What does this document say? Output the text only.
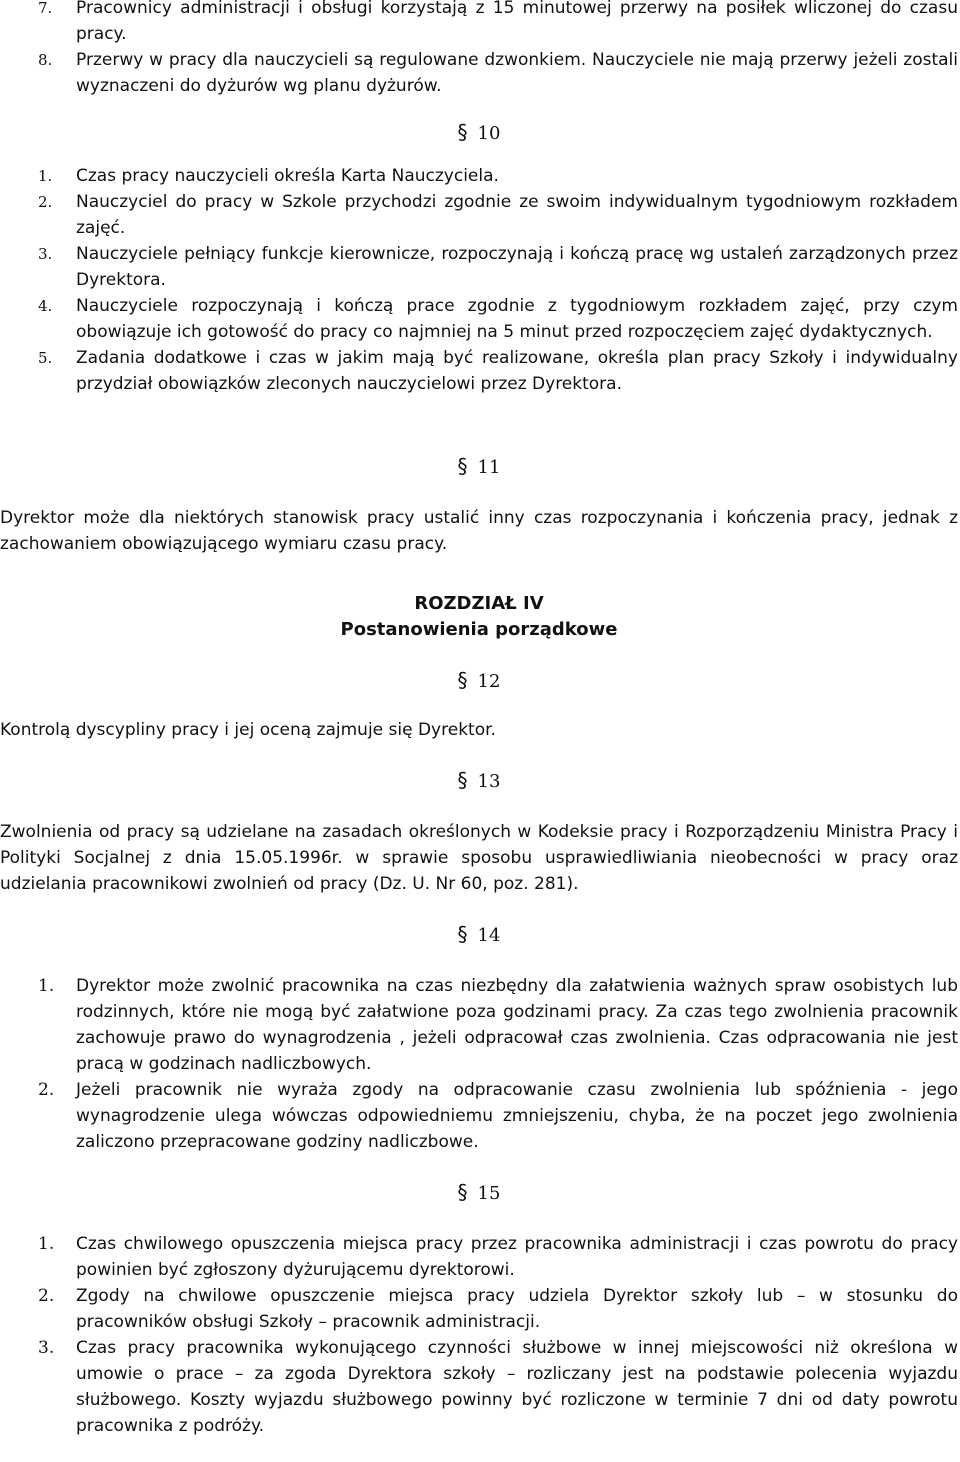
7. Pracownicy administracji i obsługi korzystają z 15 minutowej przerwy na posiłek wliczonej do czasu pracy.
8. Przerwy w pracy dla nauczycieli są regulowane dzwonkiem. Nauczyciele nie mają przerwy jeżeli zostali wyznaczeni do dyżurów wg planu dyżurów.

§ 10

1. Czas pracy nauczycieli określa Karta Nauczyciela.
2. Nauczyciel do pracy w Szkole przychodzi zgodnie ze swoim indywidualnym tygodniowym rozkładem zajęć.
3. Nauczyciele pełniący funkcje kierownicze, rozpoczynają i kończą pracę wg ustaleń zarządzonych przez Dyrektora.
4. Nauczyciele rozpoczynają i kończą prace zgodnie z tygodniowym rozkładem zajęć, przy czym obowiązuje ich gotowość do pracy co najmniej na 5 minut przed rozpoczęciem zajęć dydaktycznych.
5. Zadania dodatkowe i czas w jakim mają być realizowane, określa plan pracy Szkoły i indywidualny przydział obowiązków zleconych nauczycielowi przez Dyrektora.

§ 11

Dyrektor może dla niektórych stanowisk pracy ustalić inny czas rozpoczynania i kończenia pracy, jednak z zachowaniem obowiązującego wymiaru czasu pracy.

ROZDZIAŁ IV

Postanowienia porządkowe

§ 12

Kontrolą dyscypliny pracy i jej oceną zajmuje się Dyrektor.

§ 13

Zwolnienia od pracy są udzielane na zasadach określonych w Kodeksie pracy i Rozporządzeniu Ministra Pracy i Polityki Socjalnej z dnia 15.05.1996r. w sprawie sposobu usprawiedliwiania nieobecności w pracy oraz udzielania pracownikowi zwolnień od pracy (Dz. U. Nr 60, poz. 281).

§ 14

1. Dyrektor może zwolnić pracownika na czas niezbędny dla załatwienia ważnych spraw osobistych lub rodzinnych, które nie mogą być załatwione poza godzinami pracy. Za czas tego zwolnienia pracownik zachowuje prawo do wynagrodzenia , jeżeli odpracował czas zwolnienia. Czas odpracowania nie jest pracą w godzinach nadliczbowych.
2. Jeżeli pracownik nie wyraża zgody na odpracowanie czasu zwolnienia lub spóźnienia - jego wynagrodzenie ulega wówczas odpowiedniemu zmniejszeniu, chyba, że na poczet jego zwolnienia zaliczono przepracowane godziny nadliczbowe.

§ 15

1. Czas chwilowego opuszczenia miejsca pracy przez pracownika administracji i czas powrotu do pracy powinien być zgłoszony dyżurującemu dyrektorowi.
2. Zgody na chwilowe opuszczenie miejsca pracy udziela Dyrektor szkoły lub – w stosunku do pracowników obsługi Szkoły – pracownik administracji.
3. Czas pracy pracownika wykonującego czynności służbowe w innej miejscowości niż określona w umowie o prace – za zgoda Dyrektora szkoły – rozliczany jest na podstawie polecenia wyjazdu służbowego. Koszty wyjazdu służbowego powinny być rozliczone w terminie 7 dni od daty powrotu pracownika z podróży.
